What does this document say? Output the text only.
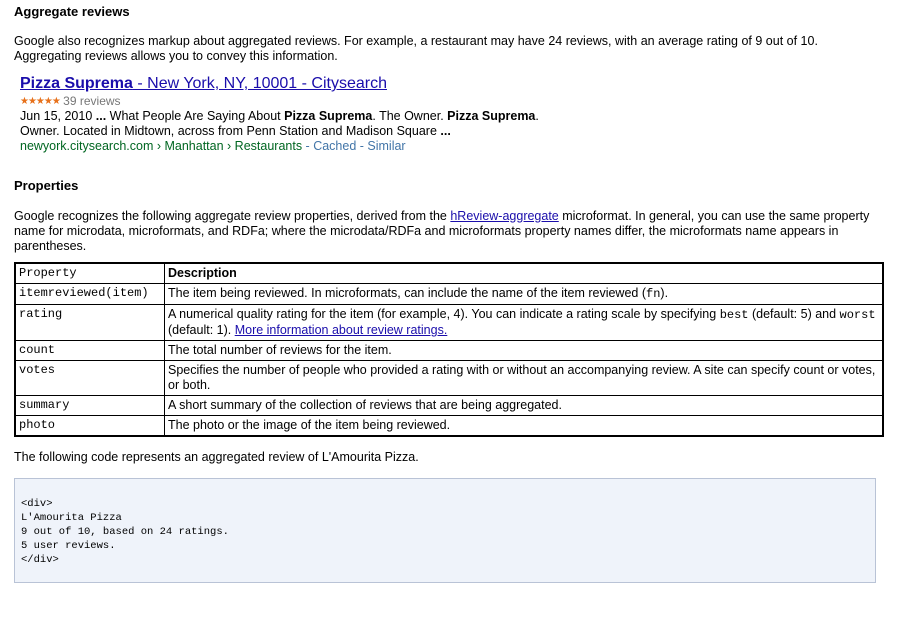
Aggregate reviews

Google also recognizes markup about aggregated reviews. For example, a restaurant may have 24 reviews, with an average rating of 9 out of 10.
Aggregating reviews allows you to convey this information.

Pizza Suprema - New York, NY, 10001 - Citysearch
★★★★★ 39 reviews
Jun 15, 2010 ... What People Are Saying About Pizza Suprema. The Owner. Pizza Suprema. Owner. Located in Midtown, across from Penn Station and Madison Square ...
newyork.citysearch.com › Manhattan › Restaurants - Cached - Similar
Properties

Google recognizes the following aggregate review properties, derived from the hReview-aggregate microformat. In general, you can use the same property name for microdata, microformats, and RDFa; where the microdata/RDFa and microformats property names differ, the microformats name appears in parentheses.

Property	Description
itemreviewed(item)	The item being reviewed. In microformats, can include the name of the item reviewed (fn).
rating	A numerical quality rating for the item (for example, 4). You can indicate a rating scale by specifying best (default: 5) and worst (default: 1). More information about review ratings.
count	The total number of reviews for the item.
votes	Specifies the number of people who provided a rating with or without an accompanying review. A site can specify count or votes, or both.
summary	A short summary of the collection of reviews that are being aggregated.
photo	The photo or the image of the item being reviewed.

The following code represents an aggregated review of L'Amourita Pizza.

<div>
L'Amourita Pizza
9 out of 10, based on 24 ratings.
5 user reviews.
</div>
